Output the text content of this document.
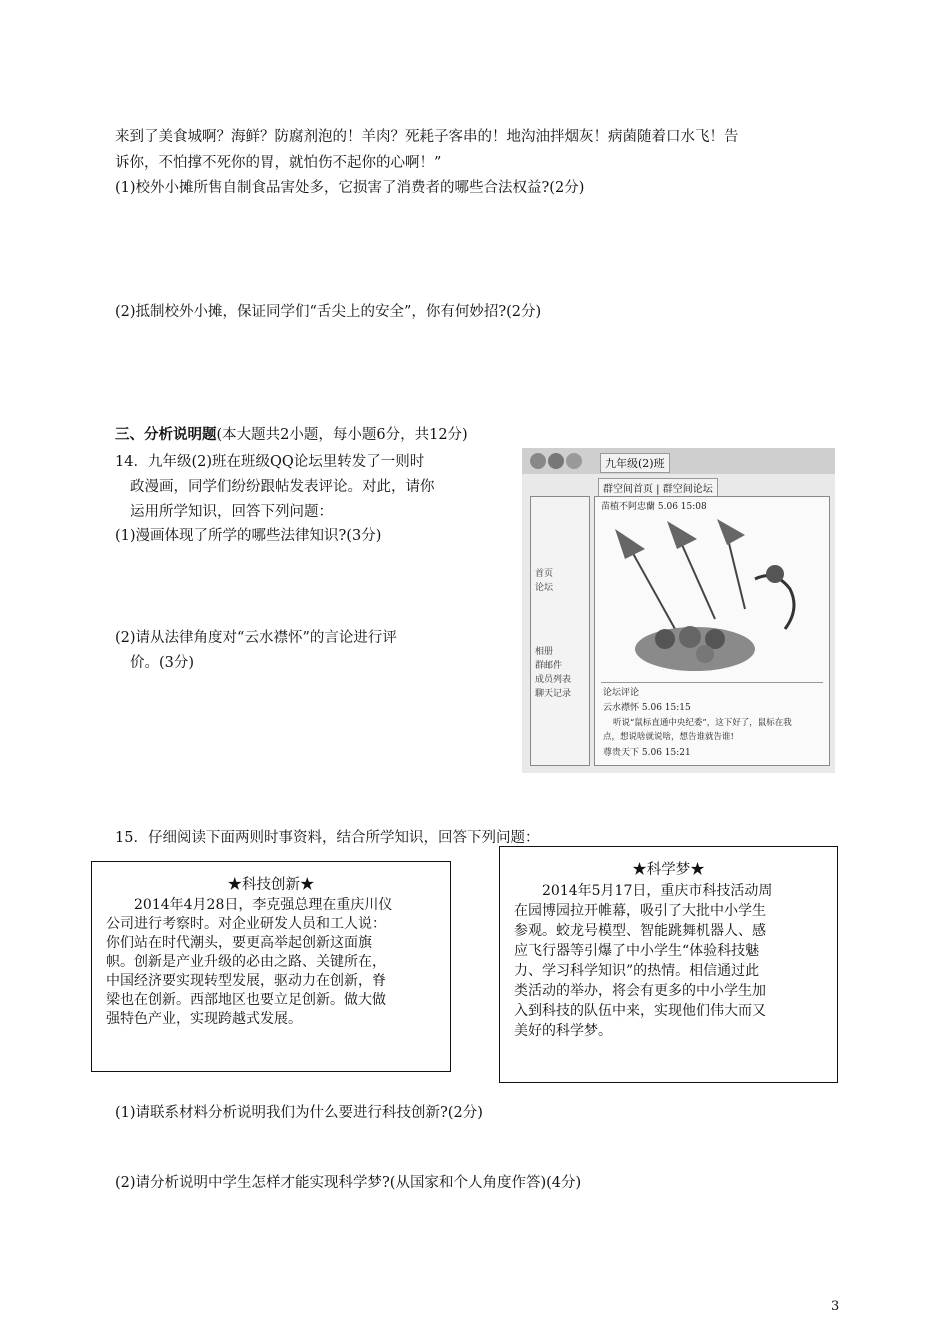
来到了美食城啊？海鲜？防腐剂泡的！羊肉？死耗子客串的！地沟油拌烟灰！病菌随着口水飞！告
诉你，不怕撑不死你的胃，就怕伤不起你的心啊！”
(1)校外小摊所售自制食品害处多，它损害了消费者的哪些合法权益?(2分)
(2)抵制校外小摊，保证同学们“舌尖上的安全”，你有何妙招?(2分)
三、分析说明题(本大题共2小题，每小题6分，共12分)
14．九年级(2)班在班级QQ论坛里转发了一则时
政漫画，同学们纷纷跟帖发表评论。对此，请你
运用所学知识，回答下列问题：
(1)漫画体现了所学的哪些法律知识?(3分)
(2)请从法律角度对“云水襟怀”的言论进行评
价。(3分)
九年级(2)班
群空间首页 | 群空间论坛
首页
论坛
相册
群邮件
成员列表
聊天记录
苗植不阿忠蘭 5.06 15:08
论坛评论
云水襟怀 5.06 15:15
听说“鼠标直通中央纪委”，这下好了，鼠标在我
点，想说啥就说啥，想告谁就告谁!
尊贵天下 5.06 15:21
15．仔细阅读下面两则时事资料，结合所学知识，回答下列问题：
★科技创新★
2014年4月28日，李克强总理在重庆川仪
公司进行考察时。对企业研发人员和工人说：
你们站在时代潮头，要更高举起创新这面旗
帜。创新是产业升级的必由之路、关键所在，
中国经济要实现转型发展，驱动力在创新，脊
梁也在创新。西部地区也要立足创新。做大做
强特色产业，实现跨越式发展。
★科学梦★
2014年5月17日，重庆市科技活动周
在园博园拉开帷幕，吸引了大批中小学生
参观。蛟龙号模型、智能跳舞机器人、感
应飞行器等引爆了中小学生“体验科技魅
力、学习科学知识”的热情。相信通过此
类活动的举办，将会有更多的中小学生加
入到科技的队伍中来，实现他们伟大而又
美好的科学梦。
(1)请联系材料分析说明我们为什么要进行科技创新?(2分)
(2)请分析说明中学生怎样才能实现科学梦?(从国家和个人角度作答)(4分)
3
